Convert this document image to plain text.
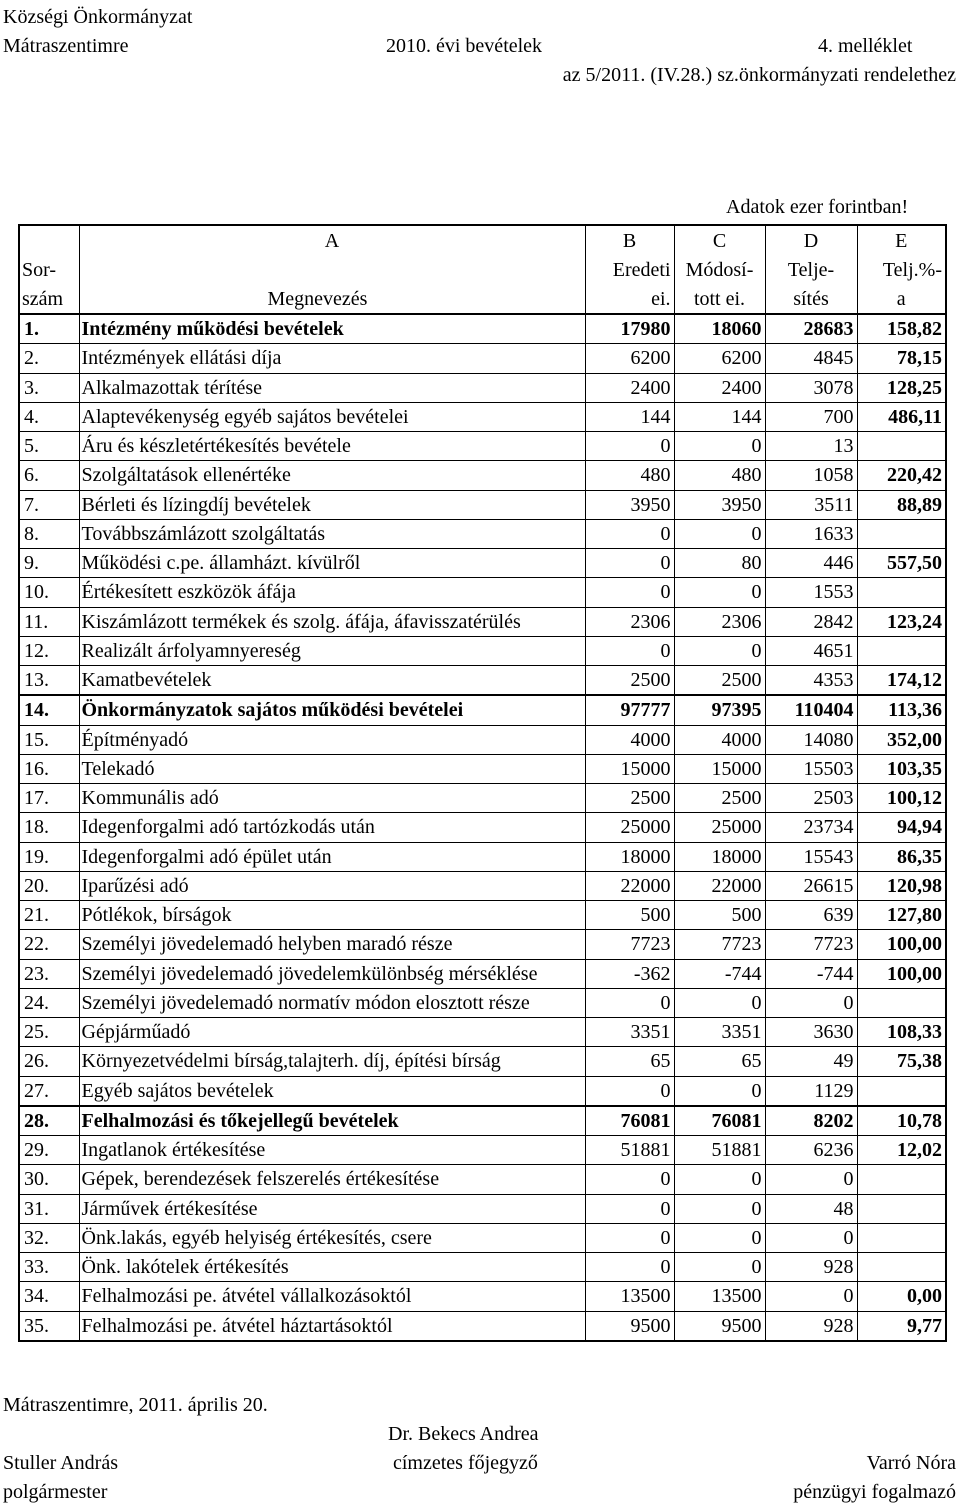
Községi Önkormányzat
Mátraszentimre	2010. évi bevételek	4. melléklet
az 5/2011. (IV.28.) sz.önkormányzati rendelethez
Adatok ezer forintban!
	A	B	C	D	E
Sor-		Eredeti	Módosí-	Telje-	Telj.%-
szám	Megnevezés	ei.	tott ei.	sítés	a
1.	Intézmény működési bevételek	17980	18060	28683	158,82
2.	Intézmények ellátási díja	6200	6200	4845	78,15
3.	Alkalmazottak térítése	2400	2400	3078	128,25
4.	Alaptevékenység egyéb sajátos bevételei	144	144	700	486,11
5.	Áru és készletértékesítés bevétele	0	0	13	
6.	Szolgáltatások ellenértéke	480	480	1058	220,42
7.	Bérleti és lízingdíj bevételek	3950	3950	3511	88,89
8.	Továbbszámlázott szolgáltatás	0	0	1633	
9.	Működési c.pe. államházt. kívülről	0	80	446	557,50
10.	Értékesített eszközök áfája	0	0	1553	
11.	Kiszámlázott termékek és szolg. áfája, áfavisszatérülés	2306	2306	2842	123,24
12.	Realizált árfolyamnyereség	0	0	4651	
13.	Kamatbevételek	2500	2500	4353	174,12
14.	Önkormányzatok sajátos működési bevételei	97777	97395	110404	113,36
15.	Építményadó	4000	4000	14080	352,00
16.	Telekadó	15000	15000	15503	103,35
17.	Kommunális adó	2500	2500	2503	100,12
18.	Idegenforgalmi adó tartózkodás után	25000	25000	23734	94,94
19.	Idegenforgalmi adó épület után	18000	18000	15543	86,35
20.	Iparűzési adó	22000	22000	26615	120,98
21.	Pótlékok, bírságok	500	500	639	127,80
22.	Személyi jövedelemadó helyben maradó része	7723	7723	7723	100,00
23.	Személyi jövedelemadó jövedelemkülönbség mérséklése	-362	-744	-744	100,00
24.	Személyi jövedelemadó normatív módon elosztott része	0	0	0	
25.	Gépjárműadó	3351	3351	3630	108,33
26.	Környezetvédelmi bírság,talajterh. díj, építési bírság	65	65	49	75,38
27.	Egyéb sajátos bevételek	0	0	1129	
28.	Felhalmozási és tőkejellegű bevételek	76081	76081	8202	10,78
29.	Ingatlanok értékesítése	51881	51881	6236	12,02
30.	Gépek, berendezések felszerelés értékesítése	0	0	0	
31.	Járművek értékesítése	0	0	48	
32.	Önk.lakás, egyéb helyiség értékesítés, csere	0	0	0	
33.	Önk. lakótelek értékesítés	0	0	928	
34.	Felhalmozási pe. átvétel vállalkozásoktól	13500	13500	0	0,00
35.	Felhalmozási pe. átvétel háztartásoktól	9500	9500	928	9,77
Mátraszentimre, 2011. április 20.
Dr. Bekecs Andrea
Stuller András	címzetes főjegyző	Varró Nóra
polgármester	pénzügyi fogalmazó
